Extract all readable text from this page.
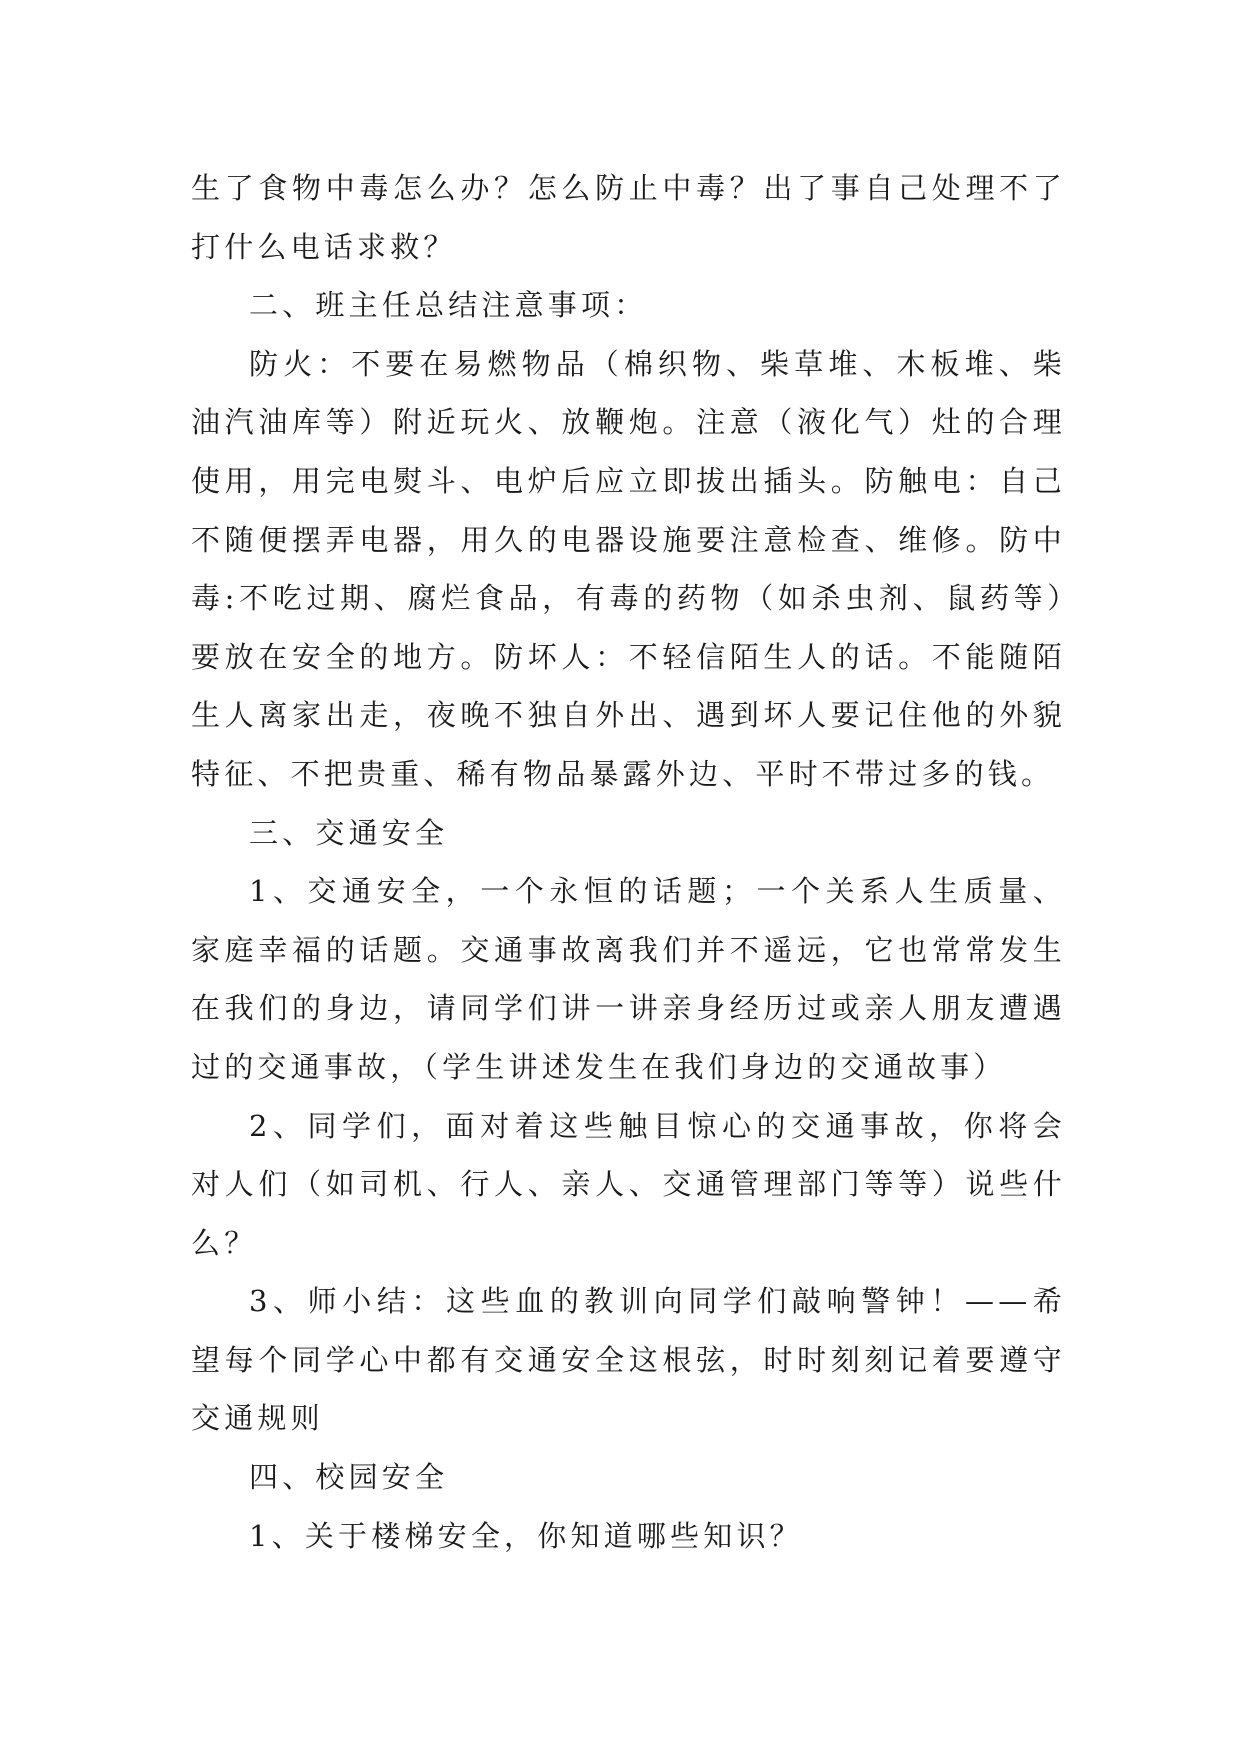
生了食物中毒怎么办？怎么防止中毒？出了事自己处理不了打什么电话求救？

二、班主任总结注意事项：

防火：不要在易燃物品（棉织物、柴草堆、木板堆、柴油汽油库等）附近玩火、放鞭炮。注意（液化气）灶的合理使用，用完电熨斗、电炉后应立即拔出插头。防触电：自己不随便摆弄电器，用久的电器设施要注意检查、维修。防中毒:不吃过期、腐烂食品，有毒的药物（如杀虫剂、鼠药等）要放在安全的地方。防坏人：不轻信陌生人的话。不能随陌生人离家出走，夜晚不独自外出、遇到坏人要记住他的外貌特征、不把贵重、稀有物品暴露外边、平时不带过多的钱。

三、交通安全

1、交通安全，一个永恒的话题；一个关系人生质量、家庭幸福的话题。交通事故离我们并不遥远，它也常常发生在我们的身边，请同学们讲一讲亲身经历过或亲人朋友遭遇过的交通事故，（学生讲述发生在我们身边的交通故事）

2、同学们，面对着这些触目惊心的交通事故，你将会对人们（如司机、行人、亲人、交通管理部门等等）说些什么？

3、师小结：这些血的教训向同学们敲响警钟！——希望每个同学心中都有交通安全这根弦，时时刻刻记着要遵守交通规则

四、校园安全

1、关于楼梯安全，你知道哪些知识？
